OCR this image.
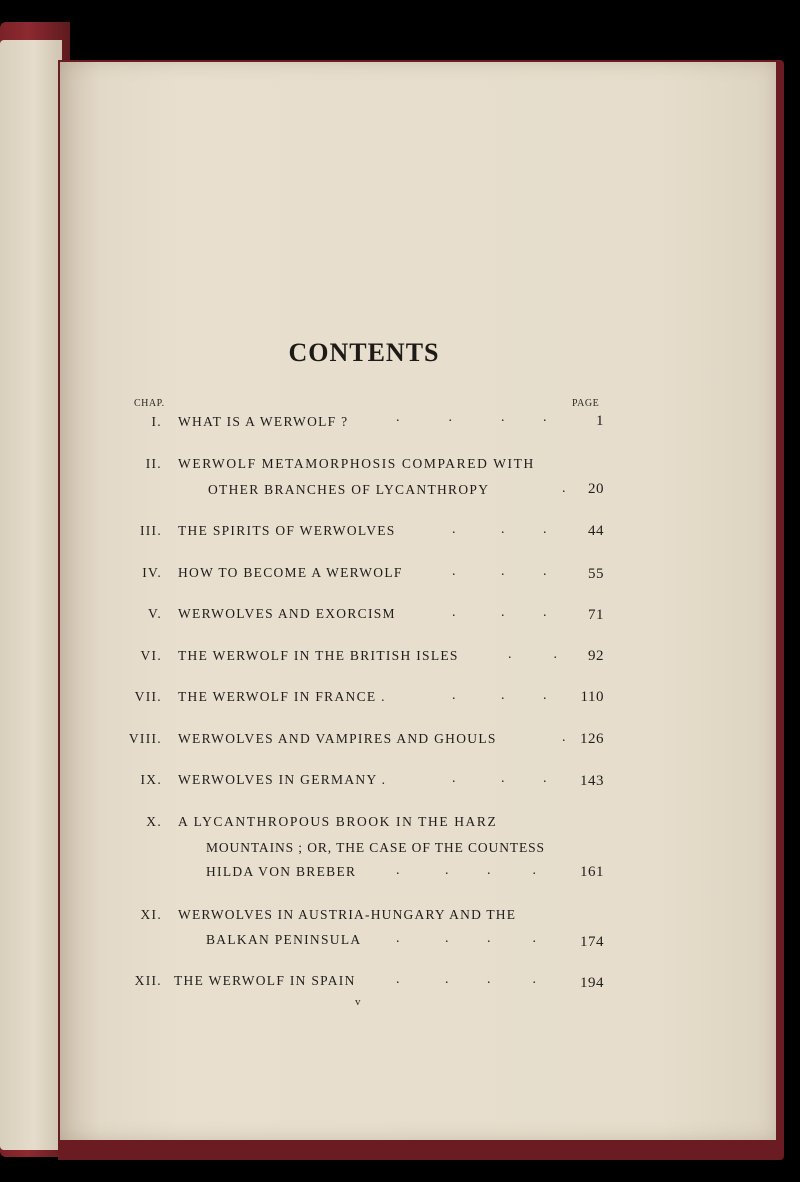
CONTENTS
CHAP.	PAGE
I. WHAT IS A WERWOLF ?	.              .              .           .	1
II. WERWOLF METAMORPHOSIS COMPARED WITH
OTHER BRANCHES OF LYCANTHROPY	.	20
III. THE SPIRITS OF WERWOLVES	.             .           .	44
IV. HOW TO BECOME A WERWOLF	.             .           .	55
V. WERWOLVES AND EXORCISM	.             .           .	71
VI. THE WERWOLF IN THE BRITISH ISLES	.            .	92
VII. THE WERWOLF IN FRANCE .	.             .           .	110
VIII. WERWOLVES AND VAMPIRES AND GHOULS	. 126
IX. WERWOLVES IN GERMANY .	.             .           .	143
X. A LYCANTHROPOUS BROOK IN THE HARZ
MOUNTAINS ; OR, THE CASE OF THE COUNTESS
HILDA VON BREBER	.             .           .            .	161
XI. WERWOLVES IN AUSTRIA-HUNGARY AND THE
BALKAN PENINSULA .             .           .            .	174
XII. THE WERWOLF IN SPAIN	.             .           .            .	194
v
